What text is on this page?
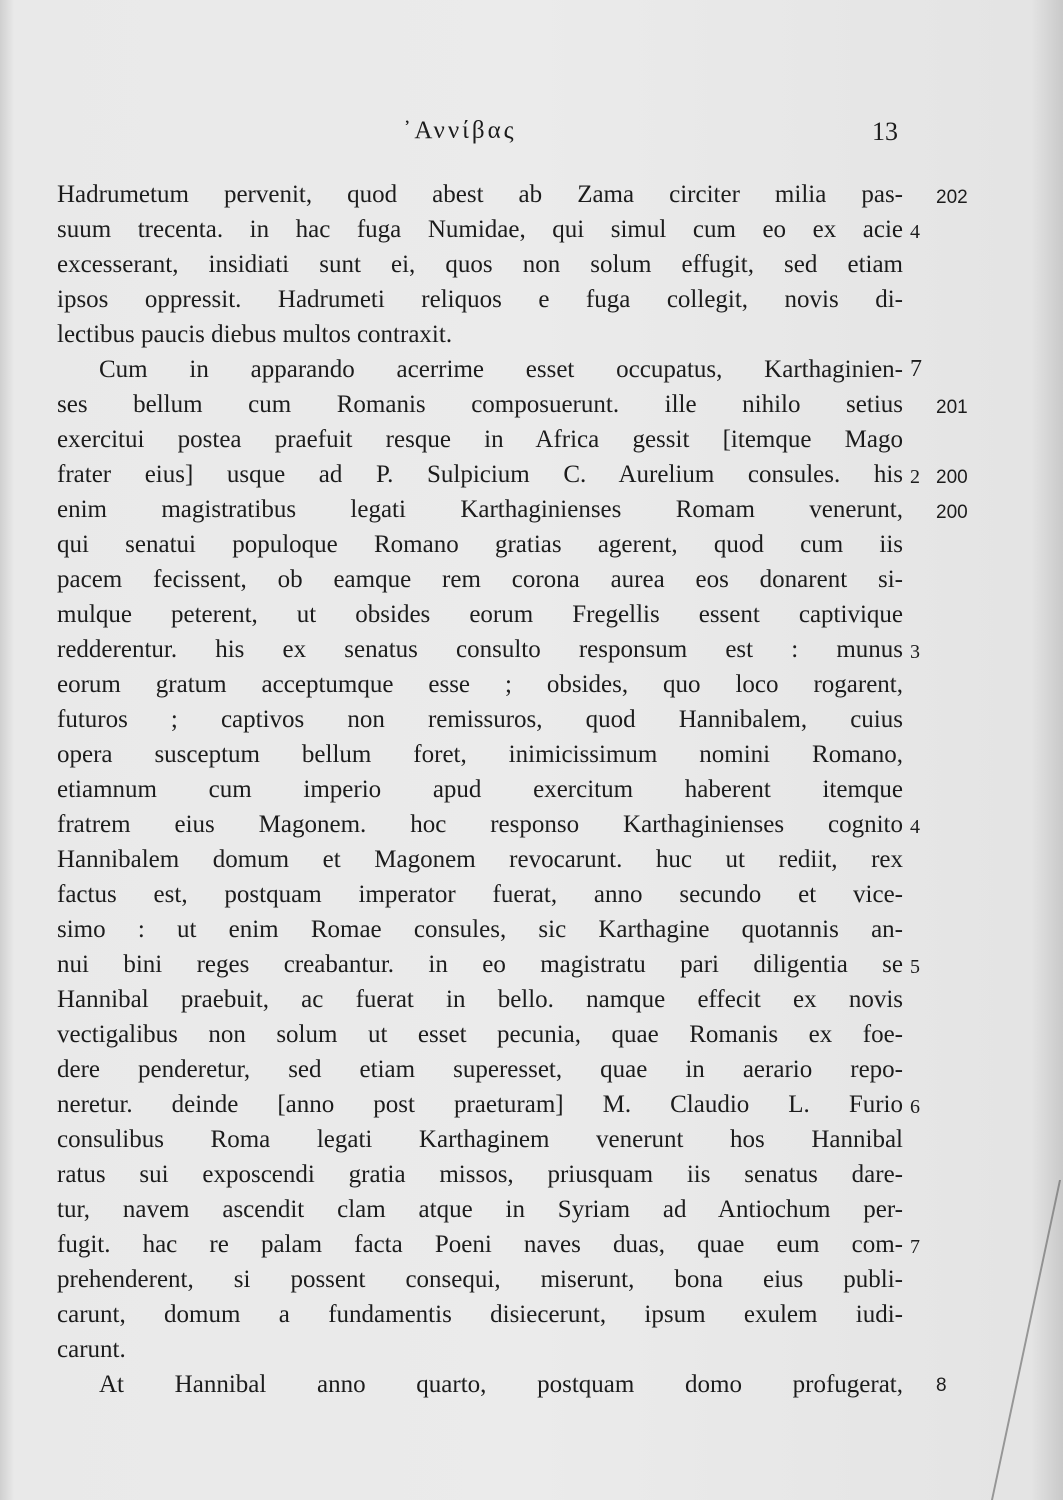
᾿Αννίβας	13
Hadrumetum pervenit, quod abest ab Zama circiter milia pas-
suum trecenta. in hac fuga Numidae, qui simul cum eo ex acie
excesserant, insidiati sunt ei, quos non solum effugit, sed etiam
ipsos oppressit. Hadrumeti reliquos e fuga collegit, novis di-
lectibus paucis diebus multos contraxit.
Cum in apparando acerrime esset occupatus, Karthaginien-
ses bellum cum Romanis composuerunt. ille nihilo setius
exercitui postea praefuit resque in Africa gessit [itemque Mago
frater eius] usque ad P. Sulpicium C. Aurelium consules. his
enim magistratibus legati Karthaginienses Romam venerunt,
qui senatui populoque Romano gratias agerent, quod cum iis
pacem fecissent, ob eamque rem corona aurea eos donarent si-
mulque peterent, ut obsides eorum Fregellis essent captivique
redderentur. his ex senatus consulto responsum est : munus
eorum gratum acceptumque esse ; obsides, quo loco rogarent,
futuros ; captivos non remissuros, quod Hannibalem, cuius
opera susceptum bellum foret, inimicissimum nomini Romano,
etiamnum cum imperio apud exercitum haberent itemque
fratrem eius Magonem. hoc responso Karthaginienses cognito
Hannibalem domum et Magonem revocarunt. huc ut rediit, rex
factus est, postquam imperator fuerat, anno secundo et vice-
simo : ut enim Romae consules, sic Karthagine quotannis an-
nui bini reges creabantur. in eo magistratu pari diligentia se
Hannibal praebuit, ac fuerat in bello. namque effecit ex novis
vectigalibus non solum ut esset pecunia, quae Romanis ex foe-
dere penderetur, sed etiam superesset, quae in aerario repo-
neretur. deinde [anno post praeturam] M. Claudio L. Furio
consulibus Roma legati Karthaginem venerunt hos Hannibal
ratus sui exposcendi gratia missos, priusquam iis senatus dare-
tur, navem ascendit clam atque in Syriam ad Antiochum per-
fugit. hac re palam facta Poeni naves duas, quae eum com-
prehenderent, si possent consequi, miserunt, bona eius publi-
carunt, domum a fundamentis disiecerunt, ipsum exulem iudi-
carunt.
At Hannibal anno quarto, postquam domo profugerat,
202
4
7
201
2 200
200
3
4
5
6
7
8
